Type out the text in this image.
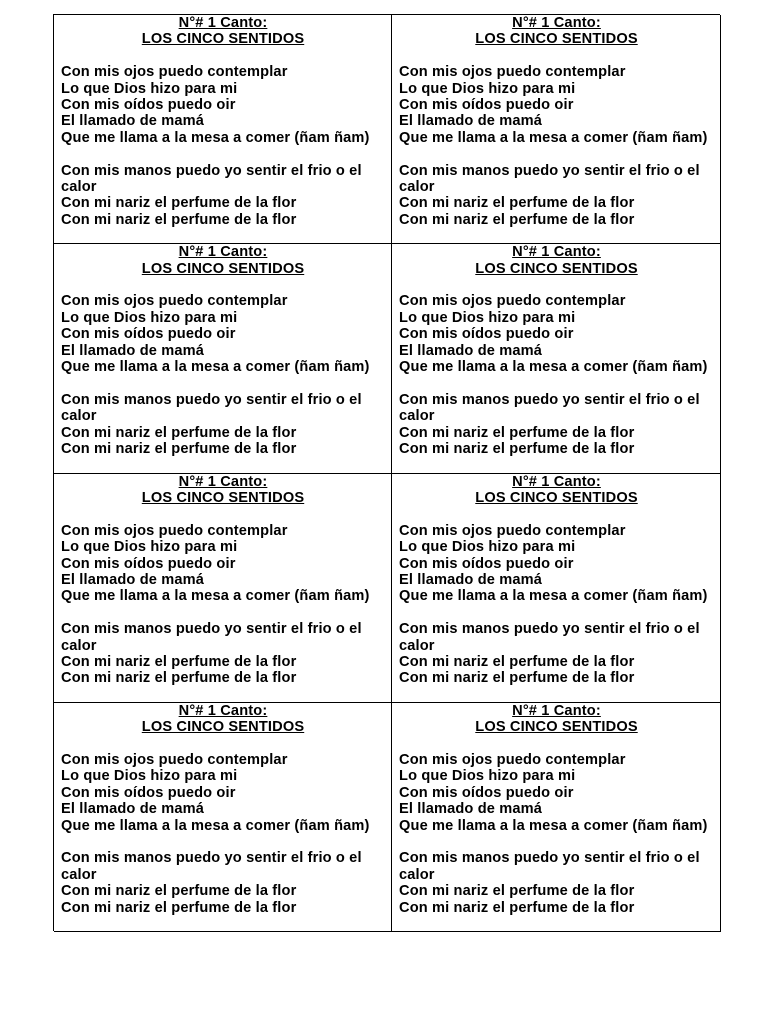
N°# 1 Canto:
LOS CINCO SENTIDOS
Con mis ojos puedo contemplar
Lo que Dios hizo para mi
Con mis oídos puedo oir
El llamado de mamá
Que me llama a la mesa a comer (ñam ñam)
Con mis manos puedo yo sentir el frio o el calor
Con mi nariz el perfume de la flor
Con mi nariz el perfume de la flor
N°# 1 Canto:
LOS CINCO SENTIDOS
Con mis ojos puedo contemplar
Lo que Dios hizo para mi
Con mis oídos puedo oir
El llamado de mamá
Que me llama a la mesa a comer (ñam ñam)
Con mis manos puedo yo sentir el frio o el calor
Con mi nariz el perfume de la flor
Con mi nariz el perfume de la flor
N°# 1 Canto:
LOS CINCO SENTIDOS
Con mis ojos puedo contemplar
Lo que Dios hizo para mi
Con mis oídos puedo oir
El llamado de mamá
Que me llama a la mesa a comer (ñam ñam)
Con mis manos puedo yo sentir el frio o el calor
Con mi nariz el perfume de la flor
Con mi nariz el perfume de la flor
N°# 1 Canto:
LOS CINCO SENTIDOS
Con mis ojos puedo contemplar
Lo que Dios hizo para mi
Con mis oídos puedo oir
El llamado de mamá
Que me llama a la mesa a comer (ñam ñam)
Con mis manos puedo yo sentir el frio o el calor
Con mi nariz el perfume de la flor
Con mi nariz el perfume de la flor
N°# 1 Canto:
LOS CINCO SENTIDOS
Con mis ojos puedo contemplar
Lo que Dios hizo para mi
Con mis oídos puedo oir
El llamado de mamá
Que me llama a la mesa a comer (ñam ñam)
Con mis manos puedo yo sentir el frio o el calor
Con mi nariz el perfume de la flor
Con mi nariz el perfume de la flor
N°# 1 Canto:
LOS CINCO SENTIDOS
Con mis ojos puedo contemplar
Lo que Dios hizo para mi
Con mis oídos puedo oir
El llamado de mamá
Que me llama a la mesa a comer (ñam ñam)
Con mis manos puedo yo sentir el frio o el calor
Con mi nariz el perfume de la flor
Con mi nariz el perfume de la flor
N°# 1 Canto:
LOS CINCO SENTIDOS
Con mis ojos puedo contemplar
Lo que Dios hizo para mi
Con mis oídos puedo oir
El llamado de mamá
Que me llama a la mesa a comer (ñam ñam)
Con mis manos puedo yo sentir el frio o el calor
Con mi nariz el perfume de la flor
Con mi nariz el perfume de la flor
N°# 1 Canto:
LOS CINCO SENTIDOS
Con mis ojos puedo contemplar
Lo que Dios hizo para mi
Con mis oídos puedo oir
El llamado de mamá
Que me llama a la mesa a comer (ñam ñam)
Con mis manos puedo yo sentir el frio o el calor
Con mi nariz el perfume de la flor
Con mi nariz el perfume de la flor
